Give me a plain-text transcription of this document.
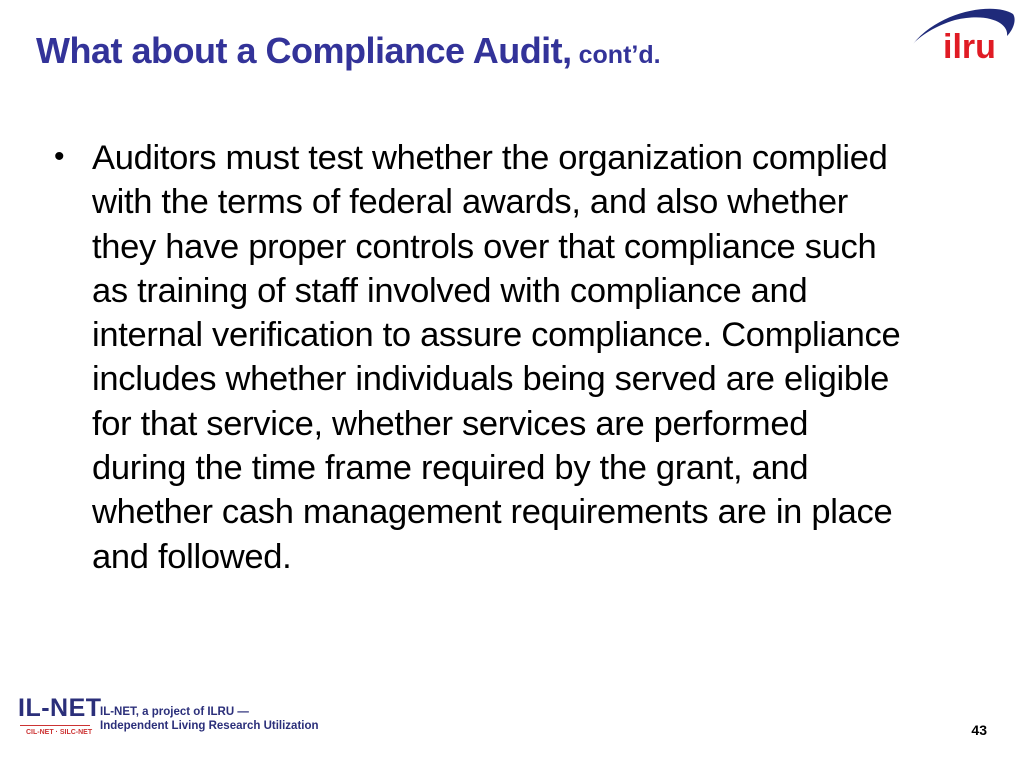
What about a Compliance Audit, cont’d.	ilru
• Auditors must test whether the organization complied
with the terms of federal awards, and also whether
they have proper controls over that compliance such
as training of staff involved with compliance and
internal verification to assure compliance. Compliance
includes whether individuals being served are eligible
for that service, whether services are performed
during the time frame required by the grant, and
whether cash management requirements are in place
and followed.
IL-NET
CIL-NET · SILC-NET
IL-NET, a project of ILRU —
Independent Living Research Utilization	43
